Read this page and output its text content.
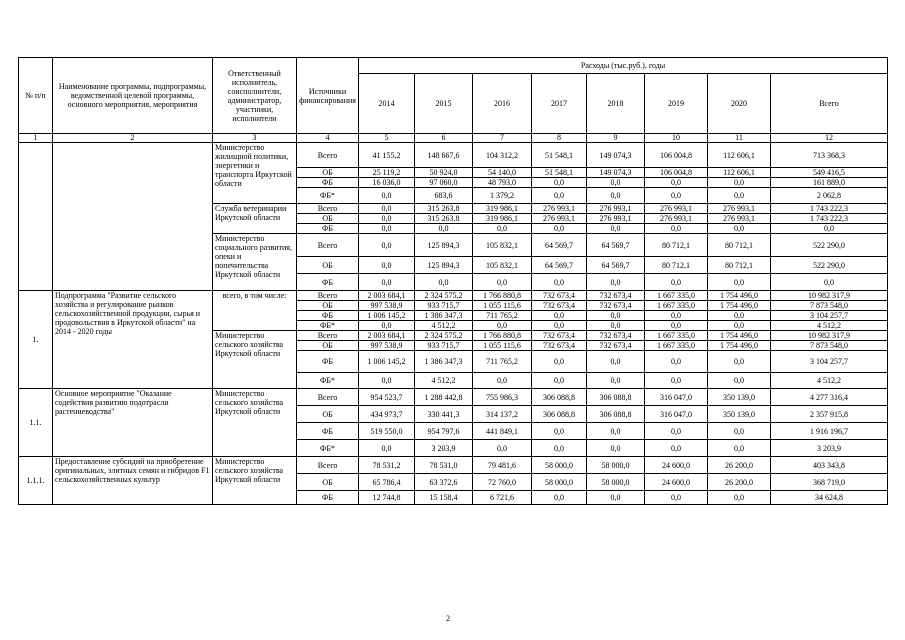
№ п/п	Наименование программы, подпрограммы, ведомственной целевой программы, основного мероприятия, мероприятия	Ответственный исполнитель, соисполнители, администратор, участники, исполнители	Источники финансирования	Расходы (тыс.руб.), годы							
				2014	2015	2016	2017	2018	2019	2020	Всего
1	2	3	4	5	6	7	8	9	10	11	12
		Министерство жилищной политики, энергетики и транспорта Иркутской области	Всего	41 155,2	148 667,6	104 312,2	51 548,1	149 074,3	106 004,8	112 606,1	713 368,3
			ОБ	25 119,2	50 924,0	54 140,0	51 548,1	149 074,3	106 004,8	112 606,1	549 416,5
			ФБ	16 036,0	97 060,0	48 793,0	0,0	0,0	0,0	0,0	161 889,0
			ФБ*	0,0	683,6	1 379,2	0,0	0,0	0,0	0,0	2 062,8
		Служба ветеринарии Иркутской области	Всего	0,0	315 263,8	319 986,1	276 993,1	276 993,1	276 993,1	276 993,1	1 743 222,3
			ОБ	0,0	315 263,8	319 986,1	276 993,1	276 993,1	276 993,1	276 993,1	1 743 222,3
			ФБ	0,0	0,0	0,0	0,0	0,0	0,0	0,0	0,0
		Министерство социального развития, опеки и попечительства Иркутской области	Всего	0,0	125 894,3	105 832,1	64 569,7	64 569,7	80 712,1	80 712,1	522 290,0
			ОБ	0,0	125 894,3	105 832,1	64 569,7	64 569,7	80 712,1	80 712,1	522 290,0
			ФБ	0,0	0,0	0,0	0,0	0,0	0,0	0,0	0,0
1.	Подпрограмма "Развитие сельского хозяйства и регулирование рынков сельскохозяйственной продукции, сырья и продовольствия в Иркутской области" на 2014 - 2020 годы	всего, в том числе:	Всего	2 003 684,1	2 324 575,2	1 766 880,8	732 673,4	732 673,4	1 667 335,0	1 754 496,0	10 982 317,9
			ОБ	997 538,9	933 715,7	1 055 115,6	732 673,4	732 673,4	1 667 335,0	1 754 496,0	7 873 548,0
			ФБ	1 006 145,2	1 386 347,3	711 765,2	0,0	0,0	0,0	0,0	3 104 257,7
			ФБ*	0,0	4 512,2	0,0	0,0	0,0	0,0	0,0	4 512,2
		Министерство сельского хозяйства Иркутской области	Всего	2 003 684,1	2 324 575,2	1 766 880,8	732 673,4	732 673,4	1 667 335,0	1 754 496,0	10 982 317,9
			ОБ	997 538,9	933 715,7	1 055 115,6	732 673,4	732 673,4	1 667 335,0	1 754 496,0	7 873 548,0
			ФБ	1 006 145,2	1 386 347,3	711 765,2	0,0	0,0	0,0	0,0	3 104 257,7
			ФБ*	0,0	4 512,2	0,0	0,0	0,0	0,0	0,0	4 512,2
1.1.	Основное мероприятие "Оказание содействия развитию подотрасли растениеводства"	Министерство сельского хозяйства Иркутской области	Всего	954 523,7	1 288 442,8	755 986,3	306 088,8	306 088,8	316 047,0	350 139,0	4 277 316,4
			ОБ	434 973,7	330 441,3	314 137,2	306 088,8	306 088,8	316 047,0	350 139,0	2 357 915,8
			ФБ	519 550,0	954 797,6	441 849,1	0,0	0,0	0,0	0,0	1 916 196,7
			ФБ*	0,0	3 203,9	0,0	0,0	0,0	0,0	0,0	3 203,9
1.1.1.	Предоставление субсидий на приобретение оригинальных, элитных семян и гибридов F1 сельскохозяйственных культур	Министерство сельского хозяйства Иркутской области	Всего	78 531,2	78 531,0	79 481,6	58 000,0	58 000,0	24 600,0	26 200,0	403 343,8
			ОБ	65 786,4	63 372,6	72 760,0	58 000,0	58 000,0	24 600,0	26 200,0	368 719,0
			ФБ	12 744,8	15 158,4	6 721,6	0,0	0,0	0,0	0,0	34 624,8
2
